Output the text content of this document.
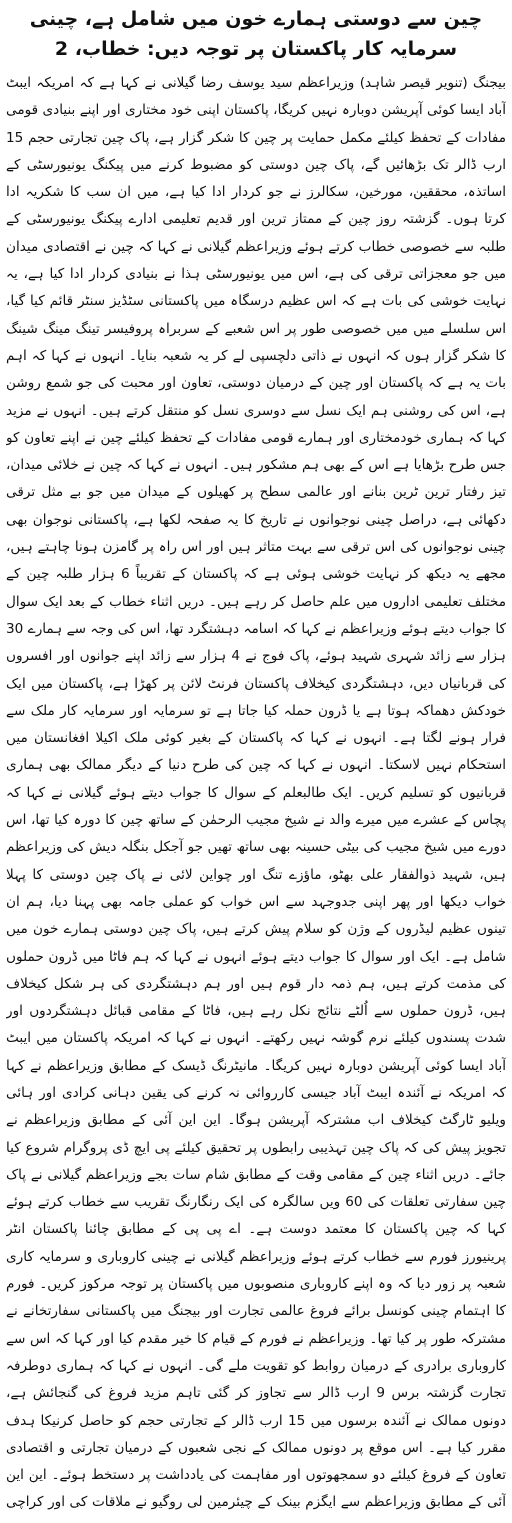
چین سے دوستی ہمارے خون میں شامل ہے، چینی سرمایہ کار پاکستان پر توجہ دیں: خطاب، 2

بیجنگ (تنویر قیصر شاہد) وزیراعظم سید یوسف رضا گیلانی نے کہا ہے کہ امریکہ ایبٹ آباد ایسا کوئی آپریشن دوبارہ نہیں کریگا، پاکستان اپنی خود مختاری اور اپنے بنیادی قومی مفادات کے تحفظ کیلئے مکمل حمایت پر چین کا شکر گزار ہے، پاک چین تجارتی حجم 15 ارب ڈالر تک بڑھائیں گے، پاک چین دوستی کو مضبوط کرنے میں پیکنگ یونیورسٹی کے اساتذہ، محققین، مورخین، سکالرز نے جو کردار ادا کیا ہے، میں ان سب کا شکریہ ادا کرتا ہوں۔ گزشتہ روز چین کے ممتاز ترین اور قدیم تعلیمی ادارے پیکنگ یونیورسٹی کے طلبہ سے خصوصی خطاب کرتے ہوئے وزیراعظم گیلانی نے کہا کہ چین نے اقتصادی میدان میں جو معجزاتی ترقی کی ہے، اس میں یونیورسٹی ہذا نے بنیادی کردار ادا کیا ہے، یہ نہایت خوشی کی بات ہے کہ اس عظیم درسگاہ میں پاکستانی سٹڈیز سنٹر قائم کیا گیا، اس سلسلے میں میں خصوصی طور پر اس شعبے کے سربراہ پروفیسر تینگ مینگ شینگ کا شکر گزار ہوں کہ انہوں نے ذاتی دلچسپی لے کر یہ شعبہ بنایا۔ انہوں نے کہا کہ اہم بات یہ ہے کہ پاکستان اور چین کے درمیان دوستی، تعاون اور محبت کی جو شمع روشن ہے، اس کی روشنی ہم ایک نسل سے دوسری نسل کو منتقل کرتے ہیں۔ انہوں نے مزید کہا کہ ہماری خودمختاری اور ہمارے قومی مفادات کے تحفظ کیلئے چین نے اپنے تعاون کو جس طرح بڑھایا ہے اس کے بھی ہم مشکور ہیں۔ انہوں نے کہا کہ چین نے خلائی میدان، تیز رفتار ترین ٹرین بنانے اور عالمی سطح پر کھیلوں کے میدان میں جو بے مثل ترقی دکھائی ہے، دراصل چینی نوجوانوں نے تاریخ کا یہ صفحہ لکھا ہے، پاکستانی نوجوان بھی چینی نوجوانوں کی اس ترقی سے بہت متاثر ہیں اور اس راہ پر گامزن ہونا چاہتے ہیں، مجھے یہ دیکھ کر نہایت خوشی ہوئی ہے کہ پاکستان کے تقریباً 6 ہزار طلبہ چین کے مختلف تعلیمی اداروں میں علم حاصل کر رہے ہیں۔ دریں اثناء خطاب کے بعد ایک سوال کا جواب دیتے ہوئے وزیراعظم نے کہا کہ اسامہ دہشتگرد تھا، اس کی وجہ سے ہمارے 30 ہزار سے زائد شہری شہید ہوئے، پاک فوج نے 4 ہزار سے زائد اپنے جوانوں اور افسروں کی قربانیاں دیں، دہشتگردی کیخلاف پاکستان فرنٹ لائن پر کھڑا ہے، پاکستان میں ایک خودکش دھماکہ ہوتا ہے یا ڈرون حملہ کیا جاتا ہے تو سرمایہ اور سرمایہ کار ملک سے فرار ہونے لگتا ہے۔ انہوں نے کہا کہ پاکستان کے بغیر کوئی ملک اکیلا افغانستان میں استحکام نہیں لاسکتا۔ انہوں نے کہا کہ چین کی طرح دنیا کے دیگر ممالک بھی ہماری قربانیوں کو تسلیم کریں۔ ایک طالبعلم کے سوال کا جواب دیتے ہوئے گیلانی نے کہا کہ پچاس کے عشرے میں میرے والد نے شیخ مجیب الرحمٰن کے ساتھ چین کا دورہ کیا تھا، اس دورے میں شیخ مجیب کی بیٹی حسینہ بھی ساتھ تھیں جو آجکل بنگلہ دیش کی وزیراعظم ہیں، شہید ذوالفقار علی بھٹو، ماؤزے تنگ اور چواین لائی نے پاک چین دوستی کا پہلا خواب دیکھا اور پھر اپنی جدوجہد سے اس خواب کو عملی جامہ بھی پہنا دیا، ہم ان تینوں عظیم لیڈروں کے وژن کو سلام پیش کرتے ہیں، پاک چین دوستی ہمارے خون میں شامل ہے۔ ایک اور سوال کا جواب دیتے ہوئے انہوں نے کہا کہ ہم فاٹا میں ڈرون حملوں کی مذمت کرتے ہیں، ہم ذمہ دار قوم ہیں اور ہم دہشتگردی کی ہر شکل کیخلاف ہیں، ڈرون حملوں سے اُلٹے نتائج نکل رہے ہیں، فاٹا کے مقامی قبائل دہشتگردوں اور شدت پسندوں کیلئے نرم گوشہ نہیں رکھتے۔ انہوں نے کہا کہ امریکہ پاکستان میں ایبٹ آباد ایسا کوئی آپریشن دوبارہ نہیں کریگا۔ مانیٹرنگ ڈیسک کے مطابق وزیراعظم نے کہا کہ امریکہ نے آئندہ ایبٹ آباد جیسی کارروائی نہ کرنے کی یقین دہانی کرادی اور ہائی ویلیو ٹارگٹ کیخلاف اب مشترکہ آپریشن ہوگا۔ این این آئی کے مطابق وزیراعظم نے تجویز پیش کی کہ پاک چین تہذیبی رابطوں پر تحقیق کیلئے پی ایچ ڈی پروگرام شروع کیا جائے۔ دریں اثناء چین کے مقامی وقت کے مطابق شام سات بجے وزیراعظم گیلانی نے پاک چین سفارتی تعلقات کی 60 ویں سالگرہ کی ایک رنگارنگ تقریب سے خطاب کرتے ہوئے کہا کہ چین پاکستان کا معتمد دوست ہے۔ اے پی پی کے مطابق چائنا پاکستان انٹر پرینیورز فورم سے خطاب کرتے ہوئے وزیراعظم گیلانی نے چینی کاروباری و سرمایہ کاری شعبہ پر زور دیا کہ وہ اپنے کاروباری منصوبوں میں پاکستان پر توجہ مرکوز کریں۔ فورم کا اہتمام چینی کونسل برائے فروغ عالمی تجارت اور بیجنگ میں پاکستانی سفارتخانے نے مشترکہ طور پر کیا تھا۔ وزیراعظم نے فورم کے قیام کا خیر مقدم کیا اور کہا کہ اس سے کاروباری برادری کے درمیان روابط کو تقویت ملے گی۔ انہوں نے کہا کہ ہماری دوطرفہ تجارت گزشتہ برس 9 ارب ڈالر سے تجاوز کر گئی تاہم مزید فروغ کی گنجائش ہے، دونوں ممالک نے آئندہ برسوں میں 15 ارب ڈالر کے تجارتی حجم کو حاصل کرنیکا ہدف مقرر کیا ہے۔ اس موقع پر دونوں ممالک کے نجی شعبوں کے درمیان تجارتی و اقتصادی تعاون کے فروغ کیلئے دو سمجھوتوں اور مفاہمت کی یادداشت پر دستخط ہوئے۔ این این آئی کے مطابق وزیراعظم سے ایگزم بینک کے چیئرمین لی روگیو نے ملاقات کی اور کراچی
